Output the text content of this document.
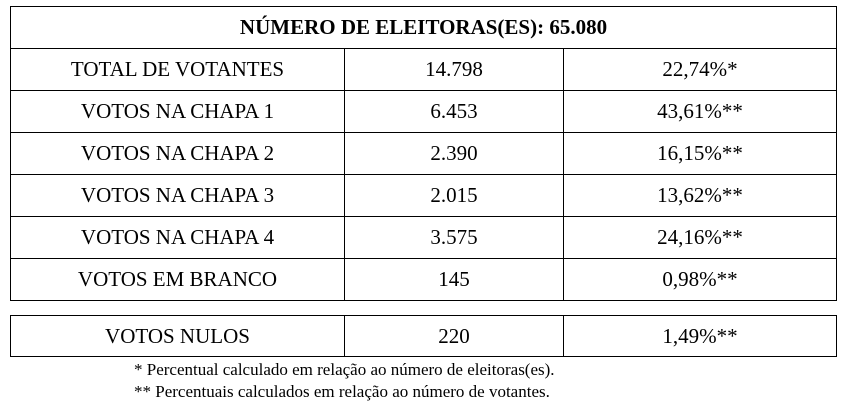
NÚMERO DE ELEITORAS(ES): 65.080		
TOTAL DE VOTANTES	14.798	22,74%*
VOTOS NA CHAPA 1	6.453	43,61%**
VOTOS NA CHAPA 2	2.390	16,15%**
VOTOS NA CHAPA 3	2.015	13,62%**
VOTOS NA CHAPA 4	3.575	24,16%**
VOTOS EM BRANCO	145	0,98%**
VOTOS NULOS	220	1,49%**
* Percentual calculado em relação ao número de eleitoras(es).
** Percentuais calculados em relação ao número de votantes.
